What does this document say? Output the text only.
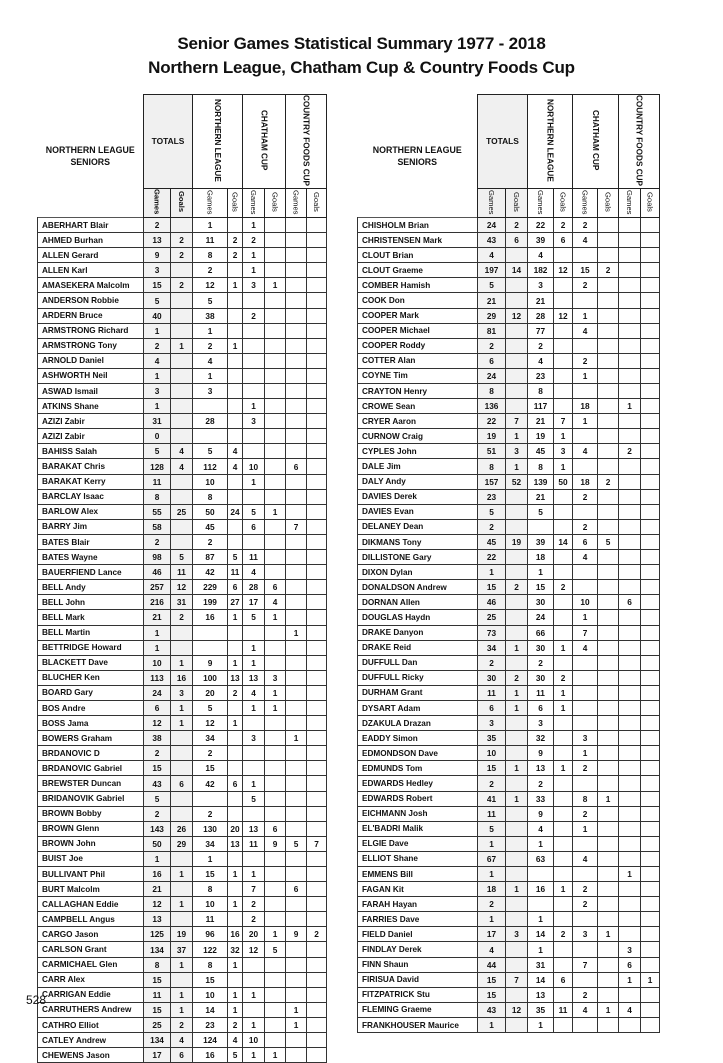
Senior Games Statistical Summary 1977 - 2018
Northern League, Chatham Cup & Country Foods Cup
NORTHERN LEAGUE
SENIORS	TOTALS		NORTHERN LEAGUE		CHATHAM CUP		COUNTRY FOODS CUP	
	Games	Goals	Games	Goals	Games	Goals	Games	Goals
ABERHART Blair	2		1		1			
AHMED Burhan	13	2	11	2	2			
ALLEN Gerard	9	2	8	2	1			
ALLEN Karl	3		2		1			
AMASEKERA Malcolm	15	2	12	1	3	1		
ANDERSON Robbie	5		5					
ARDERN Bruce	40		38		2			
ARMSTRONG Richard	1		1					
ARMSTRONG Tony	2	1	2	1				
ARNOLD Daniel	4		4					
ASHWORTH Neil	1		1					
ASWAD Ismail	3		3					
ATKINS Shane	1				1			
AZIZI Zabir	31		28		3			
AZIZI Zabir	0							
BAHISS Salah	5	4	5	4				
BARAKAT Chris	128	4	112	4	10		6	
BARAKAT Kerry	11		10		1			
BARCLAY Isaac	8		8					
BARLOW Alex	55	25	50	24	5	1		
BARRY Jim	58		45		6		7	
BATES Blair	2		2					
BATES Wayne	98	5	87	5	11			
BAUERFIEND Lance	46	11	42	11	4			
BELL Andy	257	12	229	6	28	6		
BELL John	216	31	199	27	17	4		
BELL Mark	21	2	16	1	5	1		
BELL Martin	1						1	
BETTRIDGE Howard	1				1			
BLACKETT Dave	10	1	9	1	1			
BLUCHER Ken	113	16	100	13	13	3		
BOARD Gary	24	3	20	2	4	1		
BOS Andre	6	1	5		1	1		
BOSS Jama	12	1	12	1				
BOWERS Graham	38		34		3		1	
BRDANOVIC D	2		2					
BRDANOVIC Gabriel	15		15					
BREWSTER Duncan	43	6	42	6	1			
BRIDANOVIK Gabriel	5				5			
BROWN Bobby	2		2					
BROWN Glenn	143	26	130	20	13	6		
BROWN John	50	29	34	13	11	9	5	7
BUIST Joe	1		1					
BULLIVANT Phil	16	1	15	1	1			
BURT Malcolm	21		8		7		6	
CALLAGHAN Eddie	12	1	10	1	2			
CAMPBELL Angus	13		11		2			
CARGO Jason	125	19	96	16	20	1	9	2
CARLSON Grant	134	37	122	32	12	5		
CARMICHAEL Glen	8	1	8	1				
CARR Alex	15		15					
CARRIGAN Eddie	11	1	10	1	1			
CARRUTHERS Andrew	15	1	14	1			1	
CATHRO Elliot	25	2	23	2	1		1	
CATLEY Andrew	134	4	124	4	10			
CHEWENS Jason	17	6	16	5	1	1		
NORTHERN LEAGUE
SENIORS	TOTALS		NORTHERN LEAGUE		CHATHAM CUP		COUNTRY FOODS CUP	
	Games	Goals	Games	Goals	Games	Goals	Games	Goals
CHISHOLM Brian	24	2	22	2	2			
CHRISTENSEN Mark	43	6	39	6	4			
CLOUT Brian	4		4					
CLOUT Graeme	197	14	182	12	15	2		
COMBER Hamish	5		3		2			
COOK Don	21		21					
COOPER Mark	29	12	28	12	1			
COOPER Michael	81		77		4			
COOPER Roddy	2		2					
COTTER Alan	6		4		2			
COYNE Tim	24		23		1			
CRAYTON Henry	8		8					
CROWE Sean	136		117		18		1	
CRYER Aaron	22	7	21	7	1			
CURNOW Craig	19	1	19	1				
CYPLES John	51	3	45	3	4		2	
DALE Jim	8	1	8	1				
DALY Andy	157	52	139	50	18	2		
DAVIES Derek	23		21		2			
DAVIES Evan	5		5					
DELANEY Dean	2				2			
DIKMANS Tony	45	19	39	14	6	5		
DILLISTONE Gary	22		18		4			
DIXON Dylan	1		1					
DONALDSON Andrew	15	2	15	2				
DORNAN Allen	46		30		10		6	
DOUGLAS Haydn	25		24		1			
DRAKE Danyon	73		66		7			
DRAKE Reid	34	1	30	1	4			
DUFFULL Dan	2		2					
DUFFULL Ricky	30	2	30	2				
DURHAM Grant	11	1	11	1				
DYSART Adam	6	1	6	1				
DZAKULA Drazan	3		3					
EADDY Simon	35		32		3			
EDMONDSON Dave	10		9		1			
EDMUNDS Tom	15	1	13	1	2			
EDWARDS Hedley	2		2					
EDWARDS Robert	41	1	33		8	1		
EICHMANN Josh	11		9		2			
EL'BADRI Malik	5		4		1			
ELGIE Dave	1		1					
ELLIOT Shane	67		63		4			
EMMENS Bill	1						1	
FAGAN Kit	18	1	16	1	2			
FARAH Hayan	2				2			
FARRIES Dave	1		1					
FIELD Daniel	17	3	14	2	3	1		
FINDLAY Derek	4		1				3	
FINN Shaun	44		31		7		6	
FIRISUA David	15	7	14	6			1	1
FITZPATRICK Stu	15		13		2			
FLEMING Graeme	43	12	35	11	4	1	4	
FRANKHOUSER Maurice	1		1					
528
